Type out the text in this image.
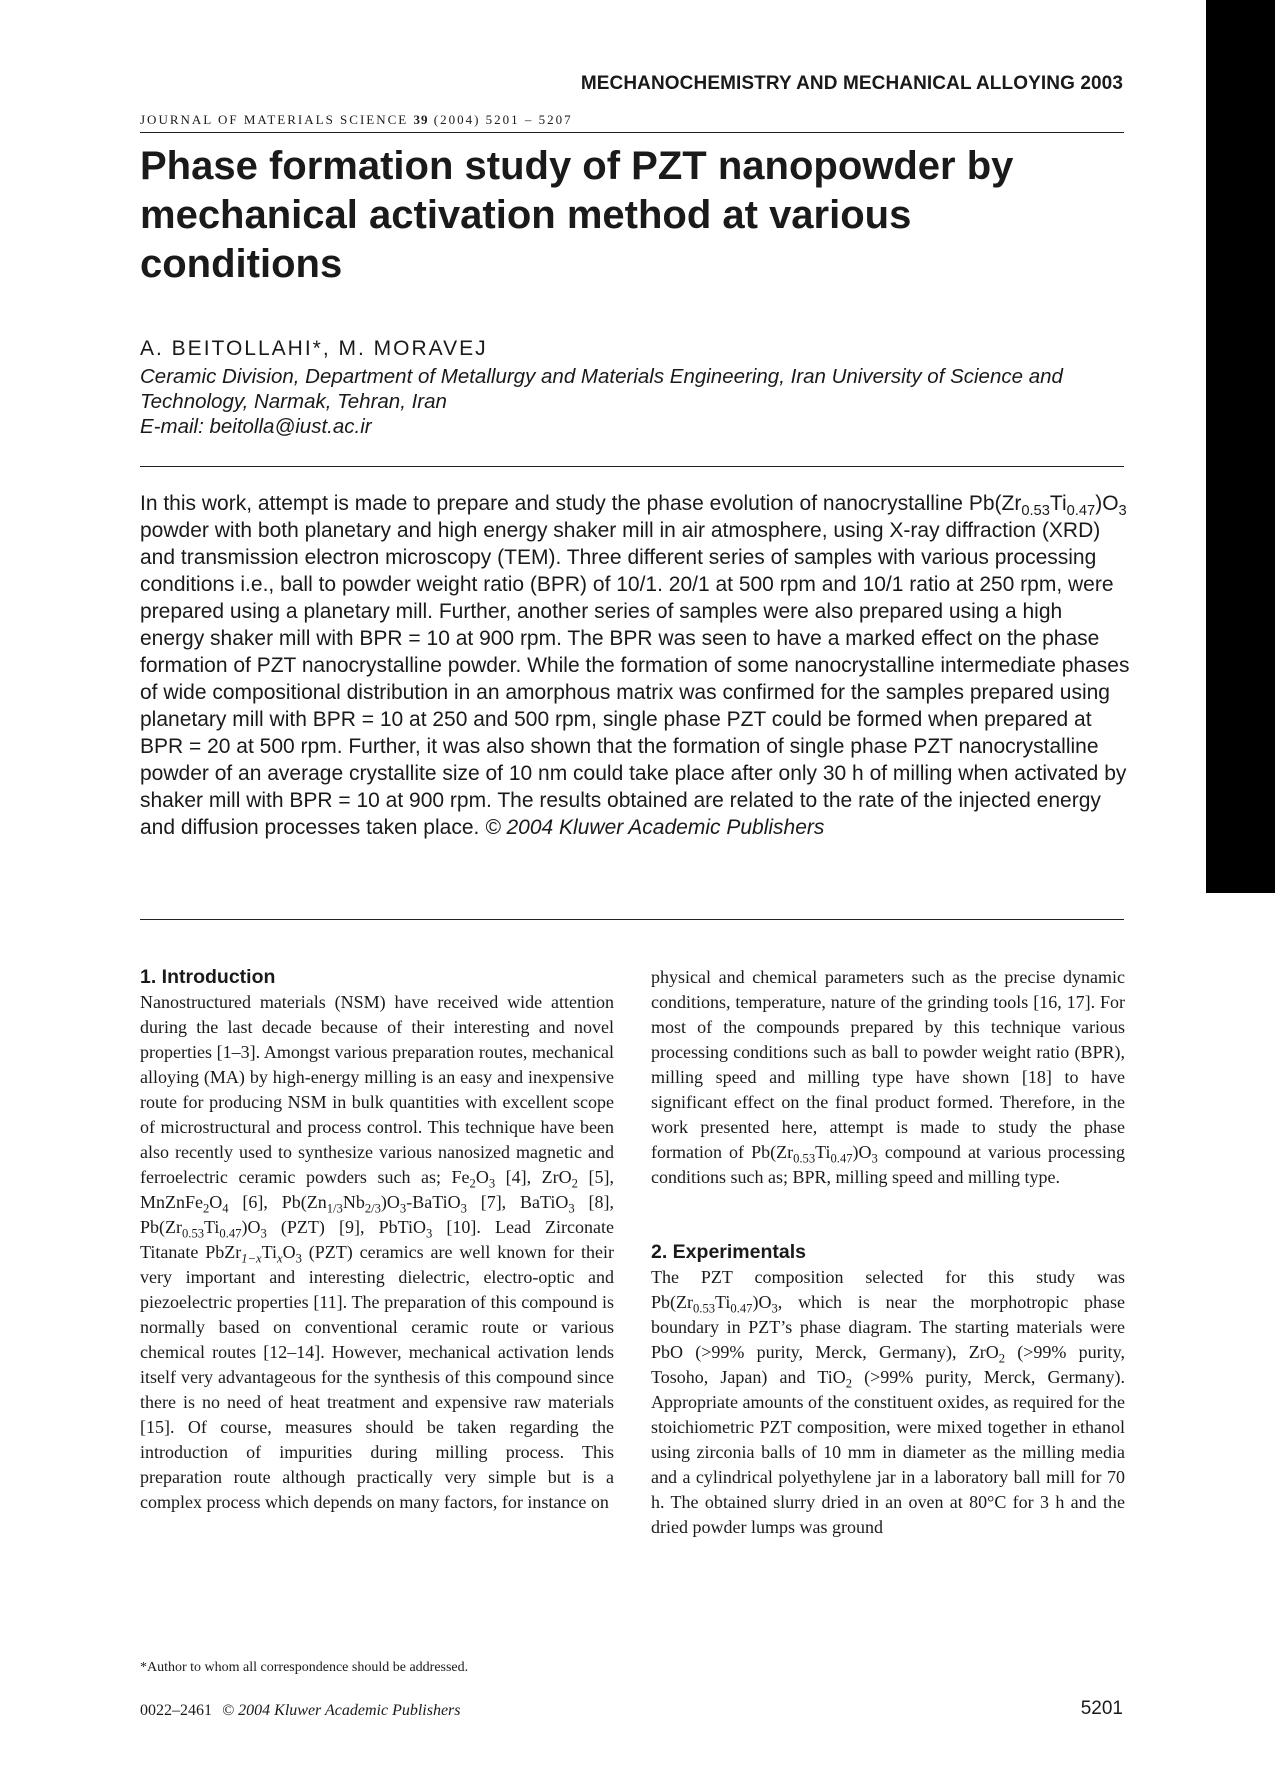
MECHANOCHEMISTRY AND MECHANICAL ALLOYING 2003
JOURNAL OF MATERIALS SCIENCE 39 (2004) 5201 – 5207
Phase formation study of PZT nanopowder by mechanical activation method at various conditions
A. BEITOLLAHI*, M. MORAVEJ
Ceramic Division, Department of Metallurgy and Materials Engineering, Iran University of Science and Technology, Narmak, Tehran, Iran
E-mail: beitolla@iust.ac.ir

In this work, attempt is made to prepare and study the phase evolution of nanocrystalline $Pb(Zr_{0.53}Ti_{0.47})O_3$ powder with both planetary and high energy shaker mill in air atmosphere, using X-ray diffraction (XRD) and transmission electron microscopy (TEM). Three different series of samples with various processing conditions i.e., ball to powder weight ratio (BPR) of 10/1. 20/1 at 500 rpm and 10/1 ratio at 250 rpm, were prepared using a planetary mill. Further, another series of samples were also prepared using a high energy shaker mill with BPR = 10 at 900 rpm. The BPR was seen to have a marked effect on the phase formation of PZT nanocrystalline powder. While the formation of some nanocrystalline intermediate phases of wide compositional distribution in an amorphous matrix was confirmed for the samples prepared using planetary mill with BPR = 10 at 250 and 500 rpm, single phase PZT could be formed when prepared at BPR = 20 at 500 rpm. Further, it was also shown that the formation of single phase PZT nanocrystalline powder of an average crystallite size of 10 nm could take place after only 30 h of milling when activated by shaker mill with BPR = 10 at 900 rpm. The results obtained are related to the rate of the injected energy and diffusion processes taken place. © 2004 Kluwer Academic Publishers

1. Introduction

Nanostructured materials (NSM) have received wide attention during the last decade because of their interesting and novel properties [1–3]. Amongst various preparation routes, mechanical alloying (MA) by high-energy milling is an easy and inexpensive route for producing NSM in bulk quantities with excellent scope of microstructural and process control. This technique have been also recently used to synthesize various nanosized magnetic and ferroelectric ceramic powders such as; $Fe_2O_3$ [4], ZrO$_2$ [5], $MnZnFe_2O_4$ [6], $Pb(Zn_{1/3}Nb_{2/3})O_3-BaTiO_3$ [7], BaTiO$_3$ [8], $Pb(Zr_{0.53}Ti_{0.47})O_3$ (PZT) [9], PbTiO$_3$ [10]. Lead Zirconate Titanate $PbZr_{1-x}Ti_xO_3$ (PZT) ceramics are well known for their very important and interesting dielectric, electro-optic and piezoelectric properties [11]. The preparation of this compound is normally based on conventional ceramic route or various chemical routes [12–14]. However, mechanical activation lends itself very advantageous for the synthesis of this compound since there is no need of heat treatment and expensive raw materials [15]. Of course, measures should be taken regarding the introduction of impurities during milling process. This preparation route although practically very simple but is a complex process which depends on many factors, for instance on

physical and chemical parameters such as the precise dynamic conditions, temperature, nature of the grinding tools [16, 17]. For most of the compounds prepared by this technique various processing conditions such as ball to powder weight ratio (BPR), milling speed and milling type have shown [18] to have significant effect on the final product formed. Therefore, in the work presented here, attempt is made to study the phase formation of $Pb(Zr_{0.53}Ti_{0.47})O_3$ compound at various processing conditions such as; BPR, milling speed and milling type.

2. Experimentals

The PZT composition selected for this study was $Pb(Zr_{0.53}Ti_{0.47})O_3$, which is near the morphotropic phase boundary in PZT’s phase diagram. The starting materials were PbO (>99% purity, Merck, Germany), ZrO$_2$ (>99% purity, Tosoho, Japan) and TiO$_2$ (>99% purity, Merck, Germany). Appropriate amounts of the constituent oxides, as required for the stoichiometric PZT composition, were mixed together in ethanol using zirconia balls of 10 mm in diameter as the milling media and a cylindrical polyethylene jar in a laboratory ball mill for 70 h. The obtained slurry dried in an oven at 80°C for 3 h and the dried powder lumps was ground

*Author to whom all correspondence should be addressed.
0022–2461 © 2004 Kluwer Academic Publishers	5201
